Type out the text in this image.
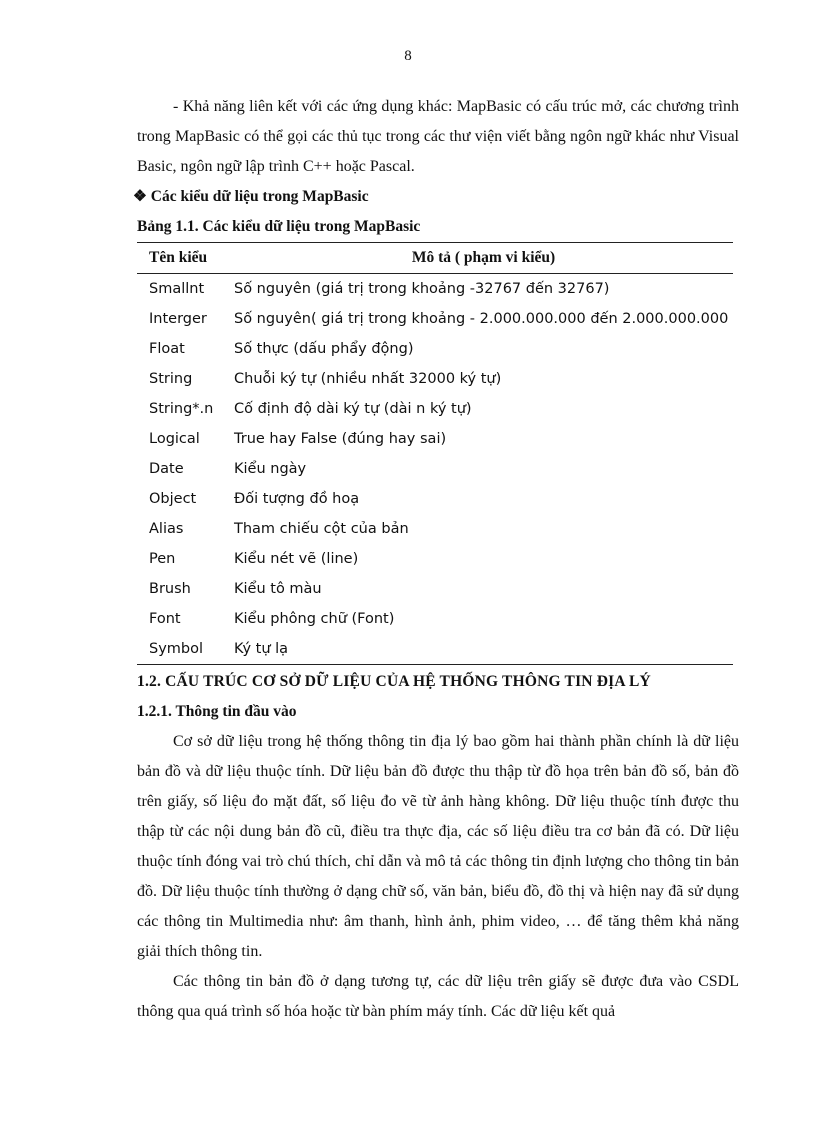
8

- Khả năng liên kết với các ứng dụng khác: MapBasic có cấu trúc mở, các chương trình trong MapBasic có thể gọi các thủ tục trong các thư viện viết bằng ngôn ngữ khác như Visual Basic, ngôn ngữ lập trình C++ hoặc Pascal.

❖ Các kiểu dữ liệu trong MapBasic
Bảng 1.1. Các kiểu dữ liệu trong MapBasic
Tên kiểu	Mô tả ( phạm vi kiểu)
Smallnt	Số nguyên (giá trị trong khoảng -32767 đến 32767)
Interger	Số nguyên( giá trị trong khoảng - 2.000.000.000 đến 2.000.000.000
Float	Số thực (dấu phẩy động)
String	Chuỗi ký tự (nhiều nhất 32000 ký tự)
String*.n	Cố định độ dài ký tự (dài n ký tự)
Logical	True hay False (đúng hay sai)
Date	Kiểu ngày
Object	Đối tượng đồ hoạ
Alias	Tham chiếu cột của bản
Pen	Kiểu nét vẽ (line)
Brush	Kiểu tô màu
Font	Kiểu phông chữ (Font)
Symbol	Ký tự lạ
1.2. CẤU TRÚC CƠ SỞ DỮ LIỆU CỦA HỆ THỐNG THÔNG TIN ĐỊA LÝ
1.2.1. Thông tin đầu vào

Cơ sở dữ liệu trong hệ thống thông tin địa lý bao gồm hai thành phần chính là dữ liệu bản đồ và dữ liệu thuộc tính. Dữ liệu bản đồ được thu thập từ đồ họa trên bản đồ số, bản đồ trên giấy, số liệu đo mặt đất, số liệu đo vẽ từ ảnh hàng không. Dữ liệu thuộc tính được thu thập từ các nội dung bản đồ cũ, điều tra thực địa, các số liệu điều tra cơ bản đã có. Dữ liệu thuộc tính đóng vai trò chú thích, chỉ dẫn và mô tả các thông tin định lượng cho thông tin bản đồ. Dữ liệu thuộc tính thường ở dạng chữ số, văn bản, biểu đồ, đồ thị và hiện nay đã sử dụng các thông tin Multimedia như: âm thanh, hình ảnh, phim video, … để tăng thêm khả năng giải thích thông tin.

Các thông tin bản đồ ở dạng tương tự, các dữ liệu trên giấy sẽ được đưa vào CSDL thông qua quá trình số hóa hoặc từ bàn phím máy tính. Các dữ liệu kết quả
